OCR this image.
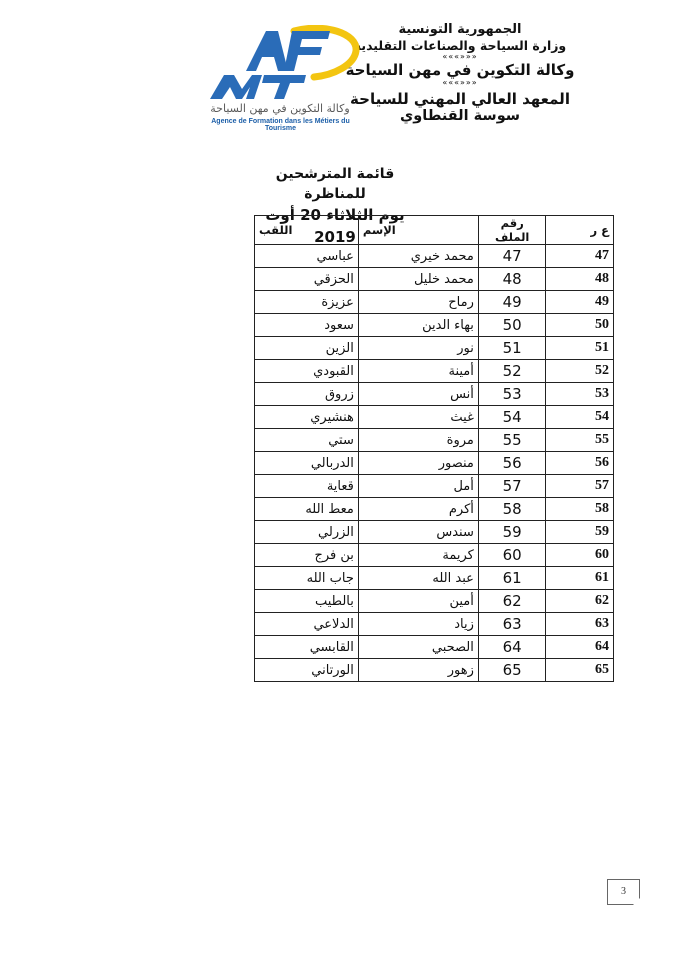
الجمهورية التونسية
وزارة السياحة والصناعات التقليدية
«««»»»
وكالة التكوين في مهن السياحة
«««»»»
المعهد العالي المهني للسياحة
سوسة القنطاوي
وكالة التكوين في مهن السياحة
Agence de Formation dans les Métiers du Tourisme
قائمة المترشحين للمناظرة
يوم الثلاثاء 20 أوت 2019	ع ر	رقم الملف	الإسم	اللقب
47	47	محمد خيري	عباسي
48	48	محمد خليل	الحزقي
49	49	رماح	عزيزة
50	50	بهاء الدين	سعود
51	51	نور	الزين
52	52	أمينة	القبودي
53	53	أنس	زروق
54	54	غيث	هنشيري
55	55	مروة	ستي
56	56	منصور	الدربالي
57	57	أمل	قعاية
58	58	أكرم	معط الله
59	59	سندس	الزرلي
60	60	كريمة	بن فرج
61	61	عبد الله	جاب الله
62	62	أمين	بالطيب
63	63	زياد	الدلاعي
64	64	الصحبي	القابسي
65	65	زهور	الورتاني
3
